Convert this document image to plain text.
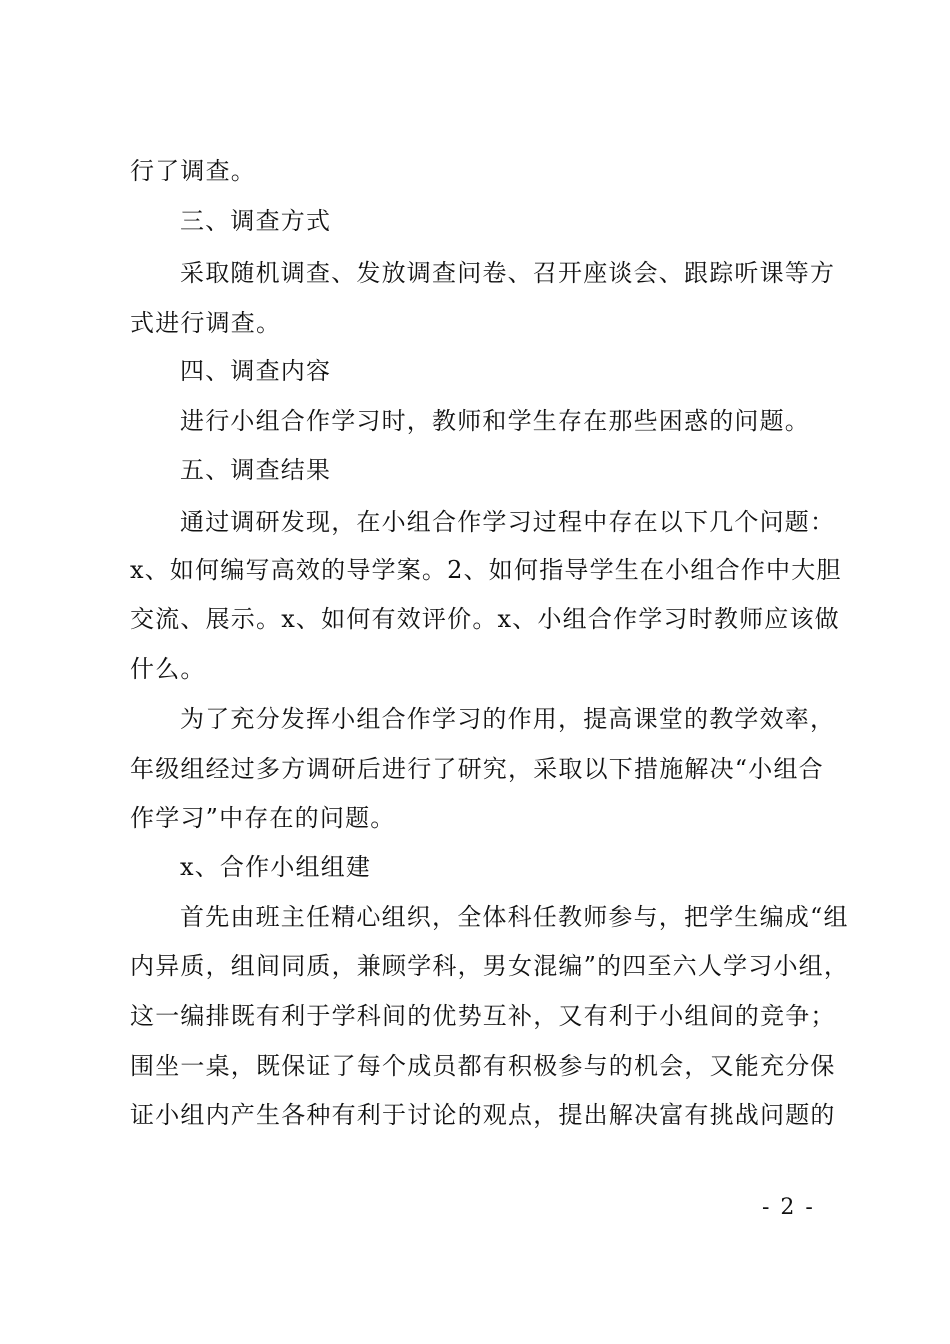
行了调查。
三、调查方式
采取随机调查、发放调查问卷、召开座谈会、跟踪听课等方
式进行调查。
四、调查内容
进行小组合作学习时，教师和学生存在那些困惑的问题。
五、调查结果
通过调研发现，在小组合作学习过程中存在以下几个问题：
x、如何编写高效的导学案。2、如何指导学生在小组合作中大胆
交流、展示。x、如何有效评价。x、小组合作学习时教师应该做
什么。
为了充分发挥小组合作学习的作用，提高课堂的教学效率，
年级组经过多方调研后进行了研究，采取以下措施解决“小组合
作学习”中存在的问题。
x、合作小组组建
首先由班主任精心组织，全体科任教师参与，把学生编成“组
内异质，组间同质，兼顾学科，男女混编”的四至六人学习小组，
这一编排既有利于学科间的优势互补，又有利于小组间的竞争；
围坐一桌，既保证了每个成员都有积极参与的机会，又能充分保
证小组内产生各种有利于讨论的观点，提出解决富有挑战问题的
- 2 -
